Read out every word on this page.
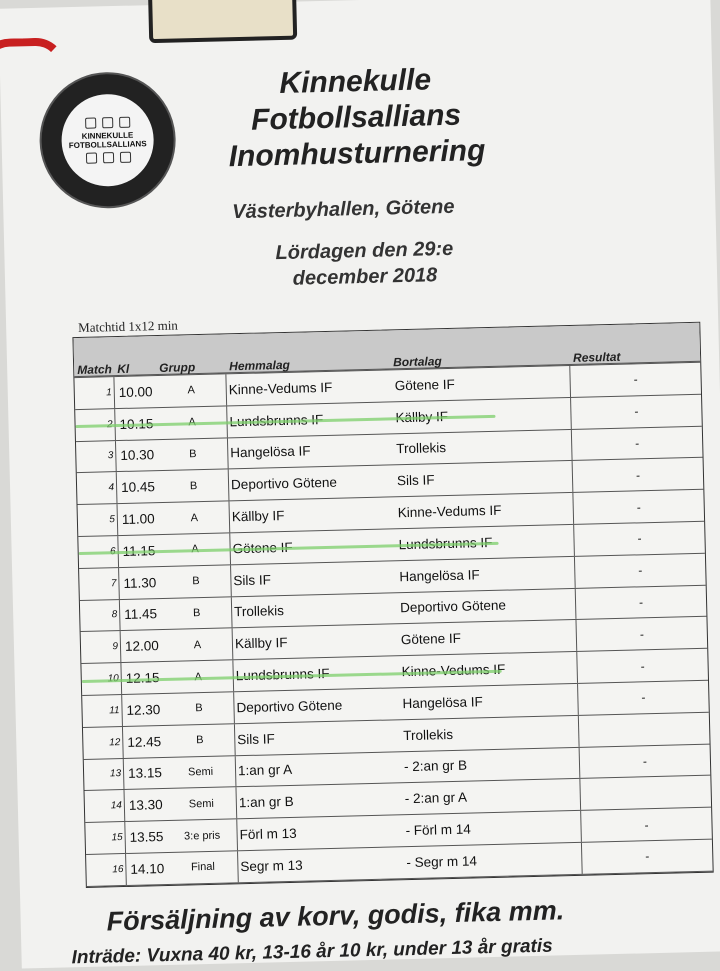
KINNEKULLE
FOTBOLLSALLIANS
Kinnekulle
Fotbollsallians
Inomhusturnering
Västerbyhallen, Götene
Lördagen den 29:e
december 2018
Matchtid 1x12 min
Match Kl	Grupp	Hemmalag	Bortalag	Resultat
1 10.00	A	Kinne-Vedums IF	Götene IF	-
2 10.15	A	Lundsbrunns IF	Källby IF	-
3 10.30	B	Hangelösa IF	Trollekis	-
4 10.45	B	Deportivo Götene	Sils IF	-
5 11.00	A	Källby IF	Kinne-Vedums IF	-
6 11.15	A	Götene IF	Lundsbrunns IF	-
7 11.30	B	Sils IF	Hangelösa IF	-
8 11.45	B	Trollekis	Deportivo Götene	-
9 12.00	A	Källby IF	Götene IF	-
10 12.15	A	Lundsbrunns IF	Kinne-Vedums IF	-
11 12.30	B	Deportivo Götene	Hangelösa IF	-
12 12.45	B	Sils IF	Trollekis
13 13.15	Semi	1:an gr A	- 2:an gr B	-
14 13.30	Semi	1:an gr B	- 2:an gr A
15 13.55	3:e pris	Förl m 13	- Förl m 14	-
16 14.10	Final	Segr m 13	- Segr m 14	-
Försäljning av korv, godis, fika mm.
Inträde: Vuxna 40 kr, 13-16 år 10 kr, under 13 år gratis
